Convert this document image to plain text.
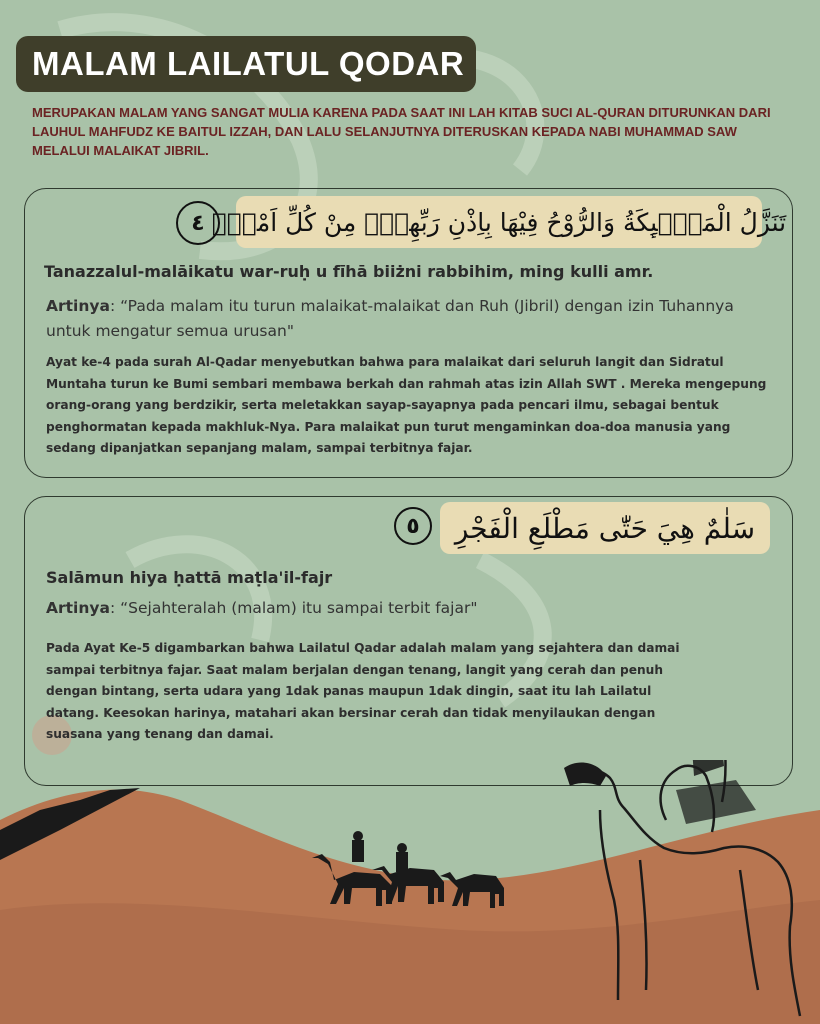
MALAM LAILATUL QODAR
MERUPAKAN MALAM YANG SANGAT MULIA KARENA PADA SAAT INI LAH KITAB SUCI AL-QURAN DITURUNKAN DARI LAUHUL MAHFUDZ KE BAITUL IZZAH, DAN LALU SELANJUTNYA DITERUSKAN KEPADA NABI MUHAMMAD SAW MELALUI MALAIKAT JIBRIL.
٤ تَنَزَّلُ الْمَلٰۤىِٕكَةُ وَالرُّوْحُ فِيْهَا بِاِذْنِ رَبِّهِمْۚ مِنْ كُلِّ اَمْرٍۛ
Tanazzalul-malāikatu war-ruḥ u fīhā biiżni rabbihim, ming kulli amr.
Artinya: “Pada malam itu turun malaikat-malaikat dan Ruh (Jibril) dengan izin Tuhannya untuk mengatur semua urusan"
Ayat ke-4 pada surah Al-Qadar menyebutkan bahwa para malaikat dari seluruh langit dan Sidratul Muntaha turun ke Bumi sembari membawa berkah dan rahmah atas izin Allah SWT . Mereka mengepung orang-orang yang berdzikir, serta meletakkan sayap-sayapnya pada pencari ilmu, sebagai bentuk penghormatan kepada makhluk-Nya. Para malaikat pun turut mengaminkan doa-doa manusia yang sedang dipanjatkan sepanjang malam, sampai terbitnya fajar.
٥	سَلٰمٌ هِيَ حَتّٰى مَطْلَعِ الْفَجْرِ
Salāmun hiya ḥattā maṭla'il-fajr
Artinya: “Sejahteralah (malam) itu sampai terbit fajar"
Pada Ayat Ke-5 digambarkan bahwa Lailatul Qadar adalah malam yang sejahtera dan damai sampai terbitnya fajar. Saat malam berjalan dengan tenang, langit yang cerah dan penuh dengan bintang, serta udara yang 1dak panas maupun 1dak dingin, saat itu lah Lailatul datang. Keesokan harinya, matahari akan bersinar cerah dan tidak menyilaukan dengan suasana yang tenang dan damai.
